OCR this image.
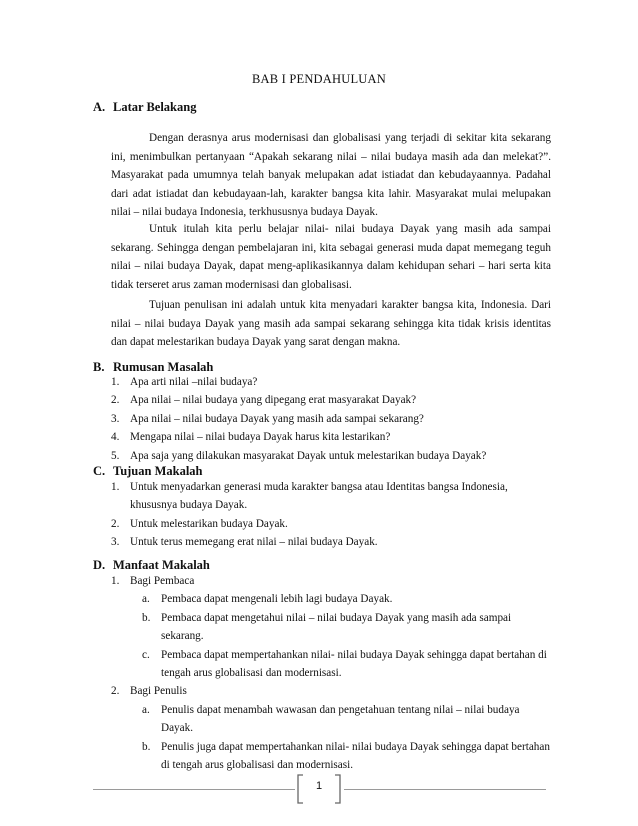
BAB I PENDAHULUAN
A. Latar Belakang
Dengan derasnya arus modernisasi dan globalisasi yang terjadi di sekitar kita sekarang ini, menimbulkan pertanyaan “Apakah sekarang nilai – nilai budaya masih ada dan melekat?”. Masyarakat pada umumnya telah banyak melupakan adat istiadat dan kebudayaannya. Padahal dari adat istiadat dan kebudayaan-lah, karakter bangsa kita lahir. Masyarakat mulai melupakan nilai – nilai budaya Indonesia, terkhususnya budaya Dayak.
Untuk itulah kita perlu belajar nilai- nilai budaya Dayak yang masih ada sampai sekarang. Sehingga dengan pembelajaran ini, kita sebagai generasi muda dapat memegang teguh nilai – nilai budaya Dayak, dapat meng-aplikasikannya dalam kehidupan sehari – hari serta kita tidak terseret arus zaman modernisasi dan globalisasi.
Tujuan penulisan ini adalah untuk kita menyadari karakter bangsa kita, Indonesia. Dari nilai – nilai budaya Dayak yang masih ada sampai sekarang sehingga kita tidak krisis identitas dan dapat melestarikan budaya Dayak yang sarat dengan makna.
B. Rumusan Masalah
1. Apa arti nilai –nilai budaya?
2. Apa nilai – nilai budaya yang dipegang erat masyarakat Dayak?
3. Apa nilai – nilai budaya Dayak yang masih ada sampai sekarang?
4. Mengapa nilai – nilai budaya Dayak harus kita lestarikan?
5. Apa saja yang dilakukan masyarakat Dayak untuk melestarikan budaya Dayak?
C. Tujuan Makalah
1. Untuk menyadarkan generasi muda karakter bangsa atau Identitas bangsa Indonesia, khususnya budaya Dayak.
2. Untuk melestarikan budaya Dayak.
3. Untuk terus memegang erat nilai – nilai budaya Dayak.
D. Manfaat Makalah
1. Bagi Pembaca
a. Pembaca dapat mengenali lebih lagi budaya Dayak.
b. Pembaca dapat mengetahui nilai – nilai budaya Dayak yang masih ada sampai sekarang.
c. Pembaca dapat mempertahankan nilai- nilai budaya Dayak sehingga dapat bertahan di tengah arus globalisasi dan modernisasi.
2. Bagi Penulis
a. Penulis dapat menambah wawasan dan pengetahuan tentang nilai – nilai budaya Dayak.
b. Penulis juga dapat mempertahankan nilai- nilai budaya Dayak sehingga dapat bertahan di tengah arus globalisasi dan modernisasi.
1
